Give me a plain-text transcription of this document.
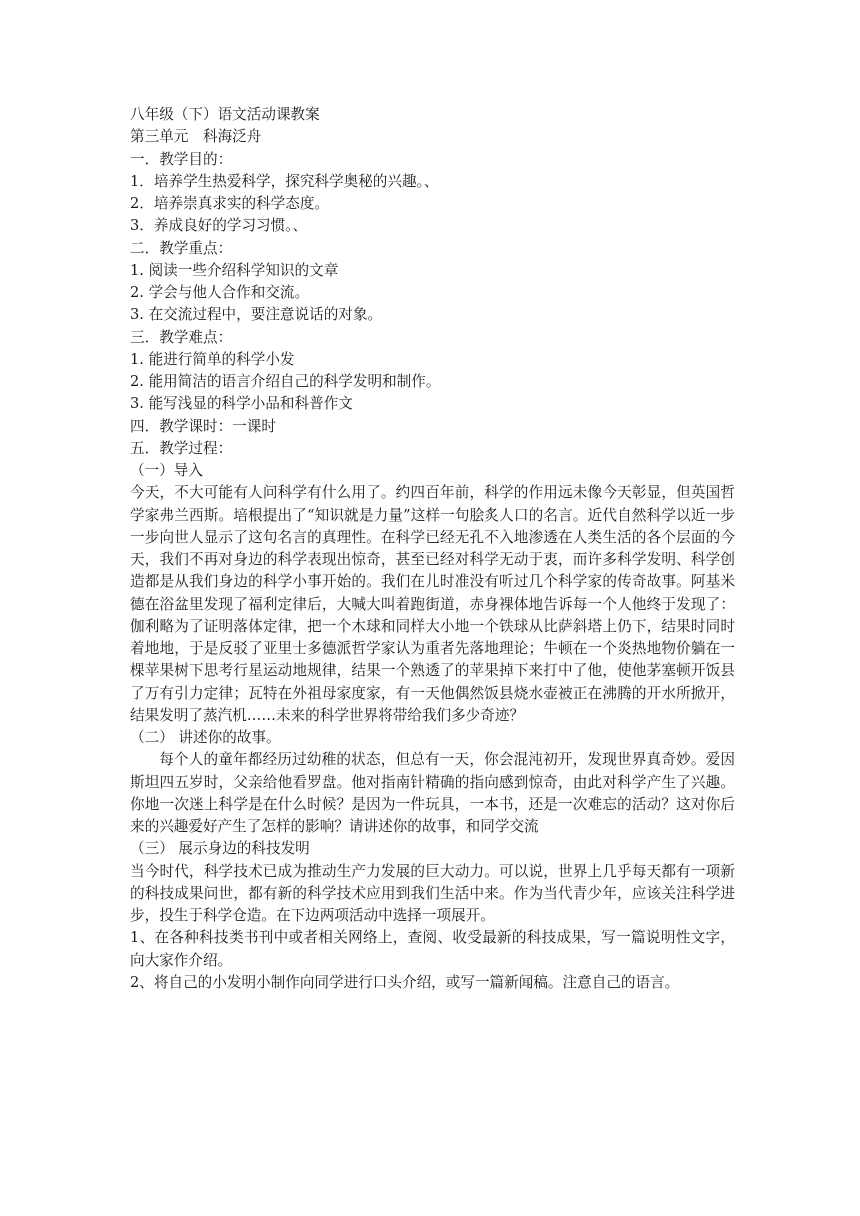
八年级（下）语文活动课教案
第三单元　科海泛舟
一．教学目的：
1．培养学生热爱科学，探究科学奥秘的兴趣。、
2．培养崇真求实的科学态度。
3．养成良好的学习习惯。、
二．教学重点：
1. 阅读一些介绍科学知识的文章
2. 学会与他人合作和交流。
3. 在交流过程中，要注意说话的对象。
三．教学难点：
1. 能进行简单的科学小发
2. 能用简洁的语言介绍自己的科学发明和制作。
3. 能写浅显的科学小品和科普作文
四．教学课时：一课时
五．教学过程：
（一）导入

今天，不大可能有人问科学有什么用了。约四百年前，科学的作用远未像今天彰显，但英国哲学家弗兰西斯。培根提出了“知识就是力量”这样一句脍炙人口的名言。近代自然科学以近一步一步向世人显示了这句名言的真理性。在科学已经无孔不入地渗透在人类生活的各个层面的今天，我们不再对身边的科学表现出惊奇，甚至已经对科学无动于衷，而许多科学发明、科学创造都是从我们身边的科学小事开始的。我们在儿时准没有听过几个科学家的传奇故事。阿基米德在浴盆里发现了福利定律后，大喊大叫着跑街道，赤身裸体地告诉每一个人他终于发现了：伽利略为了证明落体定律，把一个木球和同样大小地一个铁球从比萨斜塔上仍下，结果时同时着地地，于是反驳了亚里士多德派哲学家认为重者先落地理论；牛顿在一个炎热地物价躺在一棵苹果树下思考行星运动地规律，结果一个熟透了的苹果掉下来打中了他，使他茅塞顿开饭县了万有引力定律；瓦特在外祖母家度家，有一天他偶然饭县烧水壶被正在沸腾的开水所掀开，结果发明了蒸汽机……未来的科学世界将带给我们多少奇迹？

（二） 讲述你的故事。

每个人的童年都经历过幼稚的状态，但总有一天，你会混沌初开，发现世界真奇妙。爱因斯坦四五岁时，父亲给他看罗盘。他对指南针精确的指向感到惊奇，由此对科学产生了兴趣。你地一次迷上科学是在什么时候？是因为一件玩具，一本书，还是一次难忘的活动？这对你后来的兴趣爱好产生了怎样的影响？请讲述你的故事，和同学交流

（三） 展示身边的科技发明

当今时代，科学技术已成为推动生产力发展的巨大动力。可以说，世界上几乎每天都有一项新的科技成果问世，都有新的科学技术应用到我们生活中来。作为当代青少年，应该关注科学进步，投生于科学仓造。在下边两项活动中选择一项展开。

1、在各种科技类书刊中或者相关网络上，查阅、收受最新的科技成果，写一篇说明性文字，向大家作介绍。

2、将自己的小发明小制作向同学进行口头介绍，或写一篇新闻稿。注意自己的语言。
